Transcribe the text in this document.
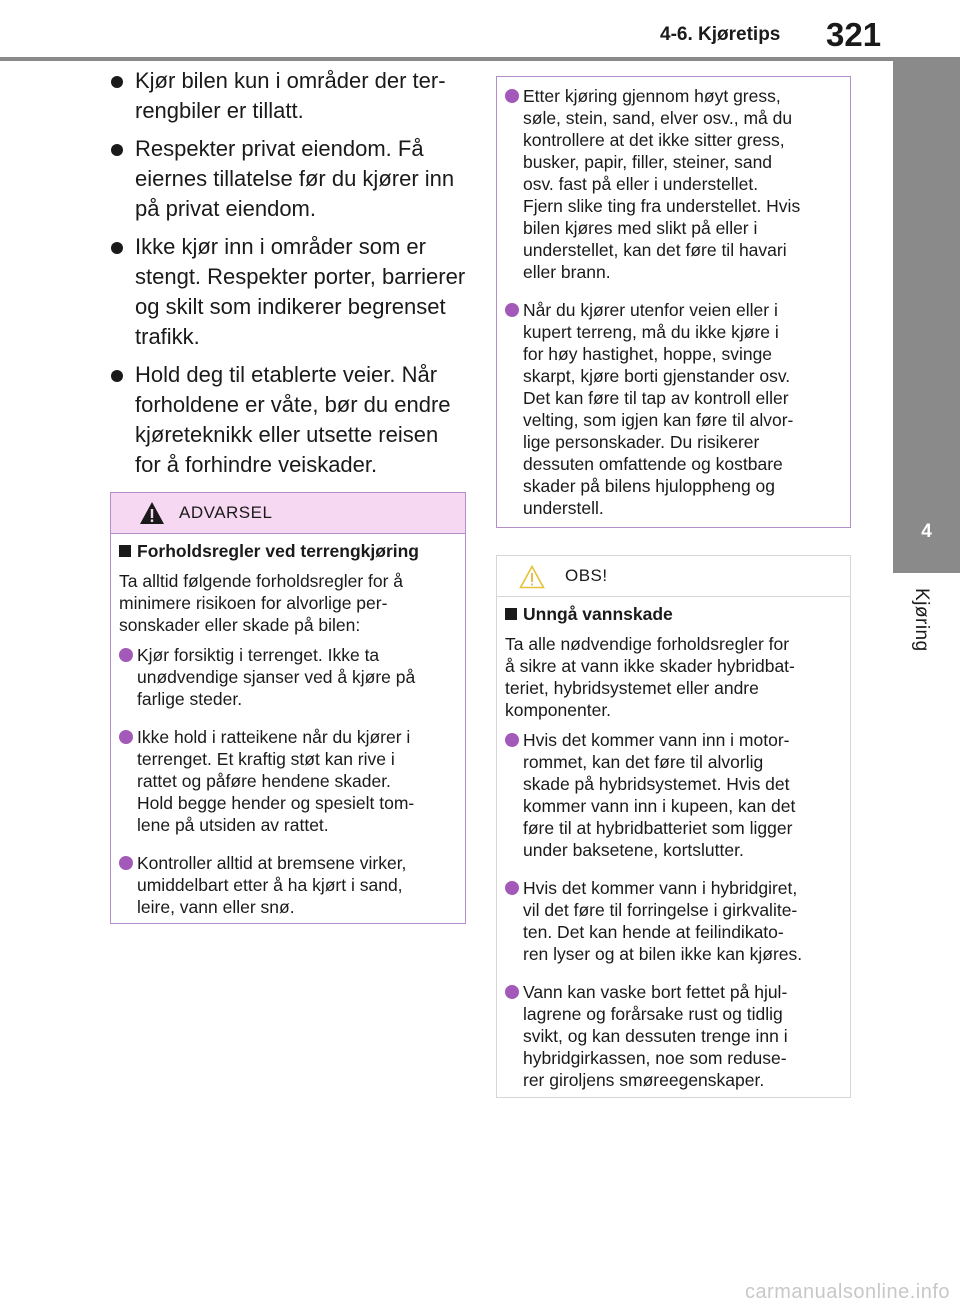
4-6. Kjøretips 321
4
Kjøring
Kjør bilen kun i områder der ter-
rengbiler er tillatt.
Respekter privat eiendom. Få
eiernes tillatelse før du kjører inn
på privat eiendom.
Ikke kjør inn i områder som er
stengt. Respekter porter, barrierer
og skilt som indikerer begrenset
trafikk.
Hold deg til etablerte veier. Når
forholdene er våte, bør du endre
kjøreteknikk eller utsette reisen
for å forhindre veiskader.
ADVARSEL
Forholdsregler ved terrengkjøring
Ta alltid følgende forholdsregler for å
minimere risikoen for alvorlige per-
sonskader eller skade på bilen:
Kjør forsiktig i terrenget. Ikke ta
unødvendige sjanser ved å kjøre på
farlige steder.
Ikke hold i ratteikene når du kjører i
terrenget. Et kraftig støt kan rive i
rattet og påføre hendene skader.
Hold begge hender og spesielt tom-
lene på utsiden av rattet.
Kontroller alltid at bremsene virker,
umiddelbart etter å ha kjørt i sand,
leire, vann eller snø.
Etter kjøring gjennom høyt gress,
søle, stein, sand, elver osv., må du
kontrollere at det ikke sitter gress,
busker, papir, filler, steiner, sand
osv. fast på eller i understellet.
Fjern slike ting fra understellet. Hvis
bilen kjøres med slikt på eller i
understellet, kan det føre til havari
eller brann.
Når du kjører utenfor veien eller i
kupert terreng, må du ikke kjøre i
for høy hastighet, hoppe, svinge
skarpt, kjøre borti gjenstander osv.
Det kan føre til tap av kontroll eller
velting, som igjen kan føre til alvor-
lige personskader. Du risikerer
dessuten omfattende og kostbare
skader på bilens hjuloppheng og
understell.
OBS!
Unngå vannskade
Ta alle nødvendige forholdsregler for
å sikre at vann ikke skader hybridbat-
teriet, hybridsystemet eller andre
komponenter.
Hvis det kommer vann inn i motor-
rommet, kan det føre til alvorlig
skade på hybridsystemet. Hvis det
kommer vann inn i kupeen, kan det
føre til at hybridbatteriet som ligger
under baksetene, kortslutter.
Hvis det kommer vann i hybridgiret,
vil det føre til forringelse i girkvalite-
ten. Det kan hende at feilindikato-
ren lyser og at bilen ikke kan kjøres.
Vann kan vaske bort fettet på hjul-
lagrene og forårsake rust og tidlig
svikt, og kan dessuten trenge inn i
hybridgirkassen, noe som reduse-
rer giroljens smøreegenskaper.
carmanualsonline.info
